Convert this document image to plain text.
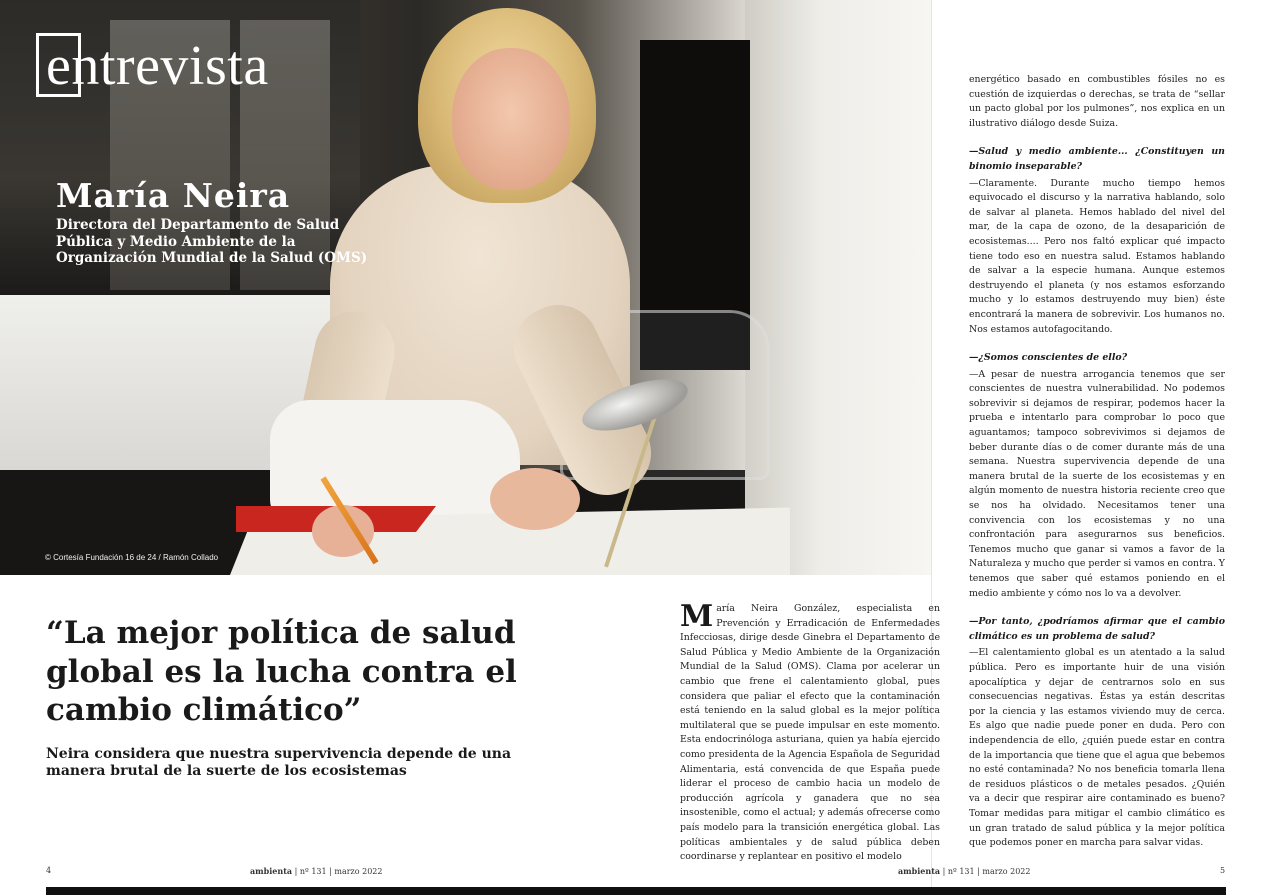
entrevista
María Neira
Directora del Departamento de Salud Pública y Medio Ambiente de la Organización Mundial de la Salud (OMS)
© Cortesía Fundación 16 de 24 / Ramón Collado
“La mejor política de salud global es la lucha contra el cambio climático”
Neira considera que nuestra supervivencia depende de una manera brutal de la suerte de los ecosistemas
María Neira González, especialista en Prevención y Erradicación de Enfermedades Infecciosas, dirige desde Ginebra el Departamento de Salud Pública y Medio Ambiente de la Organización Mundial de la Salud (OMS). Clama por acelerar un cambio que frene el calentamiento global, pues considera que paliar el efecto que la contaminación está teniendo en la salud global es la mejor política multilateral que se puede impulsar en este momento. Esta endocrinóloga asturiana, quien ya había ejercido como presidenta de la Agencia Española de Seguridad Alimentaria, está convencida de que España puede liderar el proceso de cambio hacia un modelo de producción agrícola y ganadera que no sea insostenible, como el actual; y además ofrecerse como país modelo para la transición energética global. Las políticas ambientales y de salud pública deben coordinarse y replantear en positivo el modelo

energético basado en combustibles fósiles no es cuestión de izquierdas o derechas, se trata de “sellar un pacto global por los pulmones”, nos explica en un ilustrativo diálogo desde Suiza.

—Salud y medio ambiente... ¿Constituyen un binomio inseparable?

—Claramente. Durante mucho tiempo hemos equivocado el discurso y la narrativa hablando, solo de salvar al planeta. Hemos hablado del nivel del mar, de la capa de ozono, de la desaparición de ecosistemas.... Pero nos faltó explicar qué impacto tiene todo eso en nuestra salud. Estamos hablando de salvar a la especie humana. Aunque estemos destruyendo el planeta (y nos estamos esforzando mucho y lo estamos destruyendo muy bien) éste encontrará la manera de sobrevivir. Los humanos no. Nos estamos autofagocitando.

—¿Somos conscientes de ello?

—A pesar de nuestra arrogancia tenemos que ser conscientes de nuestra vulnerabilidad. No podemos sobrevivir si dejamos de respirar, podemos hacer la prueba e intentarlo para comprobar lo poco que aguantamos; tampoco sobrevivimos si dejamos de beber durante días o de comer durante más de una semana. Nuestra supervivencia depende de una manera brutal de la suerte de los ecosistemas y en algún momento de nuestra historia reciente creo que se nos ha olvidado. Necesitamos tener una convivencia con los ecosistemas y no una confrontación para asegurarnos sus beneficios. Tenemos mucho que ganar si vamos a favor de la Naturaleza y mucho que perder si vamos en contra. Y tenemos que saber qué estamos poniendo en el medio ambiente y cómo nos lo va a devolver.

—Por tanto, ¿podríamos afirmar que el cambio climático es un problema de salud?

—El calentamiento global es un atentado a la salud pública. Pero es importante huir de una visión apocalíptica y dejar de centrarnos solo en sus consecuencias negativas. Éstas ya están descritas por la ciencia y las estamos viviendo muy de cerca. Es algo que nadie puede poner en duda. Pero con independencia de ello, ¿quién puede estar en contra de la importancia que tiene que el agua que bebemos no esté contaminada? No nos beneficia tomarla llena de residuos plásticos o de metales pesados. ¿Quién va a decir que respirar aire contaminado es bueno? Tomar medidas para mitigar el cambio climático es un gran tratado de salud pública y la mejor política que podemos poner en marcha para salvar vidas.

4	ambienta | nº 131 | marzo 2022	ambienta | nº 131 | marzo 2022	5
